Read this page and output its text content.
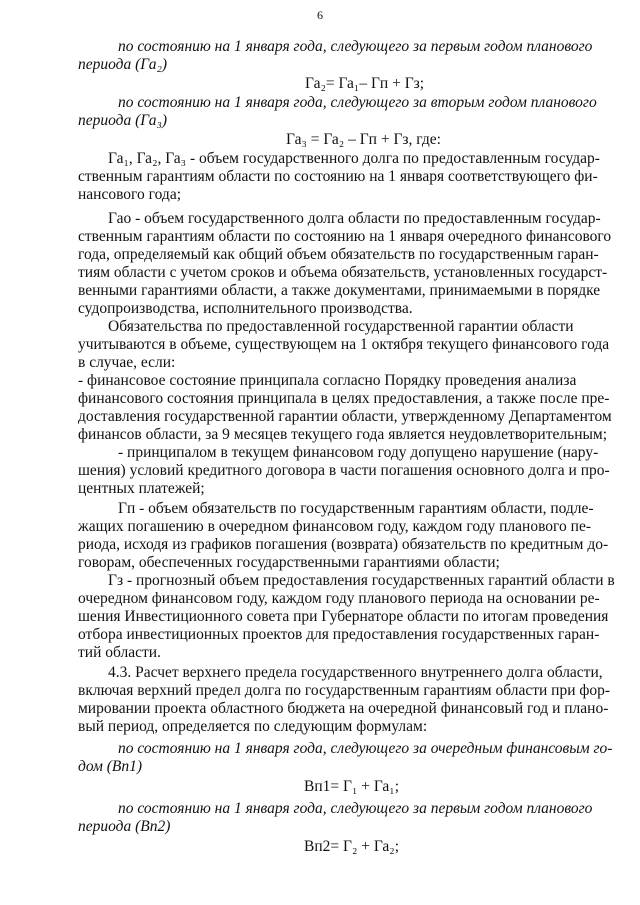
6
по состоянию на 1 января года, следующего за первым годом планового
периода (Га₂)
по состоянию на 1 января года, следующего за вторым годом планового
периода (Га₃)
Га₁, Га₂, Га₃ - объем государственного долга по предоставленным государ-
ственным гарантиям области по состоянию на 1 января соответствующего фи-
нансового года;
Гао - объем государственного долга области по предоставленным государ-
ственным гарантиям области по состоянию на 1 января очередного финансового
года, определяемый как общий объем обязательств по государственным гаран-
тиям области с учетом сроков и объема обязательств, установленных государст-
венными гарантиями области, а также документами, принимаемыми в порядке
судопроизводства, исполнительного производства.
Обязательства по предоставленной государственной гарантии области
учитываются в объеме, существующем на 1 октября текущего финансового года
в случае, если:
- финансовое состояние принципала согласно Порядку проведения анализа
финансового состояния принципала в целях предоставления, а также после пре-
доставления государственной гарантии области, утвержденному Департаментом
финансов области, за 9 месяцев текущего года является неудовлетворительным;
- принципалом в текущем финансовом году допущено нарушение (нару-
шения) условий кредитного договора в части погашения основного долга и про-
центных платежей;
Гп - объем обязательств по государственным гарантиям области, подле-
жащих погашению в очередном финансовом году, каждом году планового пе-
риода, исходя из графиков погашения (возврата) обязательств по кредитным до-
говорам, обеспеченных государственными гарантиями области;
Гз - прогнозный объем предоставления государственных гарантий области в
очередном финансовом году, каждом году планового периода на основании ре-
шения Инвестиционного совета при Губернаторе области по итогам проведения
отбора инвестиционных проектов для предоставления государственных гаран-
тий области.
4.3. Расчет верхнего предела государственного внутреннего долга области,
включая верхний предел долга по государственным гарантиям области при фор-
мировании проекта областного бюджета на очередной финансовый год и плано-
вый период, определяется по следующим формулам:
по состоянию на 1 января года, следующего за очередным финансовым го-
дом (Bп1)
по состоянию на 1 января года, следующего за первым годом планового
периода (Bп2)
Га₂= Га₁– Гп + Гз;
Га₃ = Га₂ – Гп + Гз, где:
Bп1= Г₁ + Га₁;
Bп2= Г₂ + Га₂;
